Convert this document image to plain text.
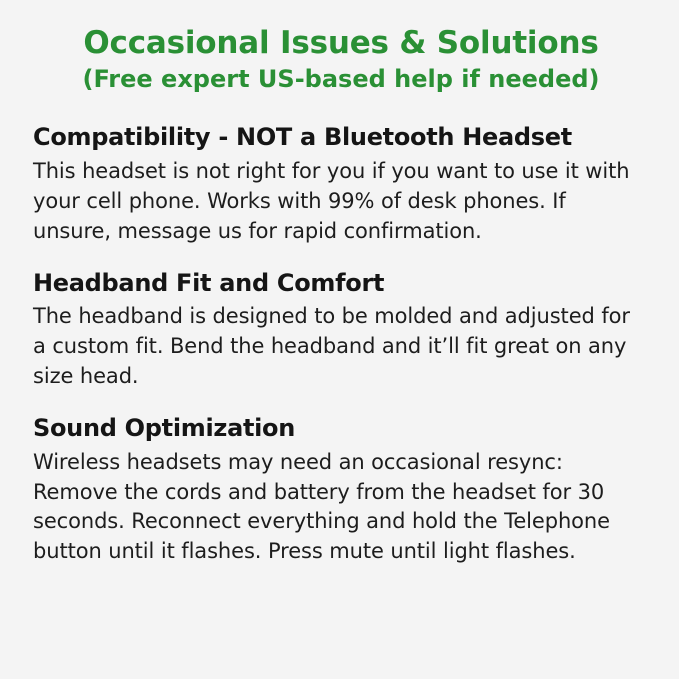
Occasional Issues & Solutions
(Free expert US-based help if needed)
Compatibility - NOT a Bluetooth Headset

This headset is not right for you if you want to use it with your cell phone. Works with 99% of desk phones. If unsure, message us for rapid confirmation.

Headband Fit and Comfort

The headband is designed to be molded and adjusted for a custom fit. Bend the headband and it’ll fit great on any size head.

Sound Optimization

Wireless headsets may need an occasional resync: Remove the cords and battery from the headset for 30 seconds. Reconnect everything and hold the Telephone button until it flashes. Press mute until light flashes.
